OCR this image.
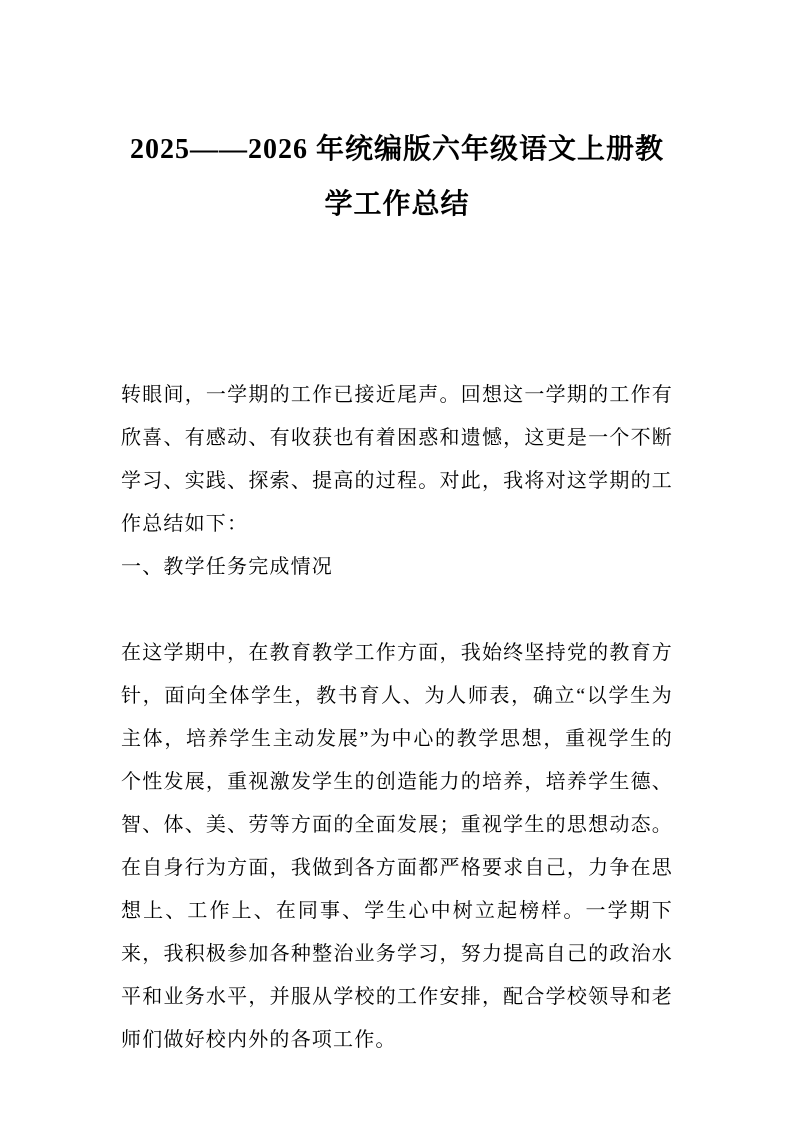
2025——2026 年统编版六年级语文上册教学工作总结

转眼间，一学期的工作已接近尾声。回想这一学期的工作有欣喜、有感动、有收获也有着困惑和遗憾，这更是一个不断学习、实践、探索、提高的过程。对此，我将对这学期的工作总结如下：

一、教学任务完成情况

在这学期中，在教育教学工作方面，我始终坚持党的教育方针，面向全体学生，教书育人、为人师表，确立“以学生为主体，培养学生主动发展”为中心的教学思想，重视学生的个性发展，重视激发学生的创造能力的培养，培养学生德、智、体、美、劳等方面的全面发展；重视学生的思想动态。在自身行为方面，我做到各方面都严格要求自己，力争在思想上、工作上、在同事、学生心中树立起榜样。一学期下来，我积极参加各种整治业务学习，努力提高自己的政治水平和业务水平，并服从学校的工作安排，配合学校领导和老师们做好校内外的各项工作。
